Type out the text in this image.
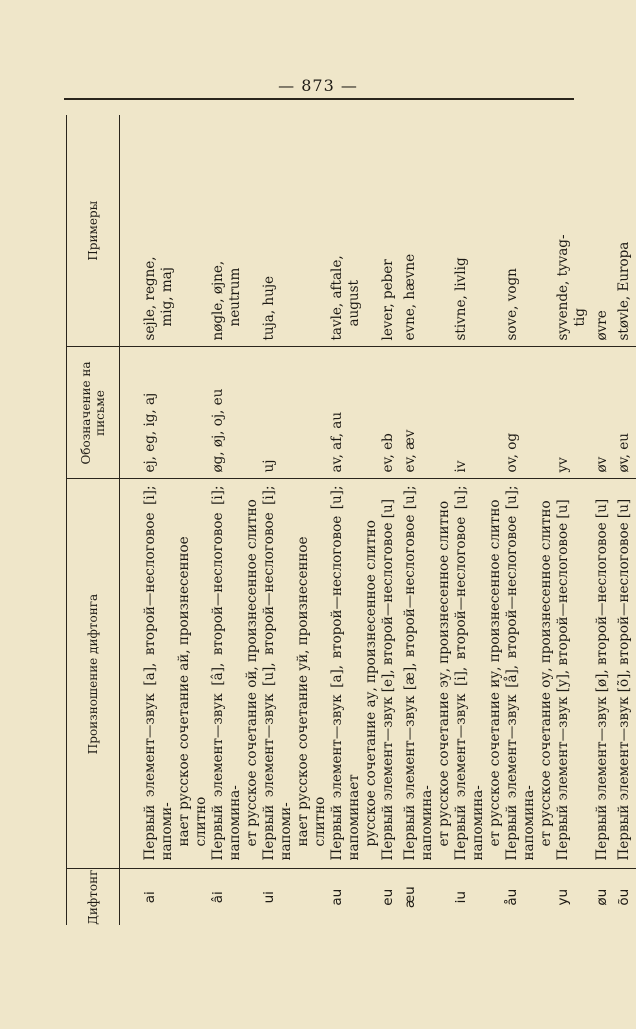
— 873 —
Дифтонг	Произношение дифтонга	Обозначение на письме	Примеры

ai	Первый элемент—звук [a], второй—неслоговое [i]; напоми- нает русское сочетание ай, произнесенное слитно	ej, eg, ig, aj	sejle, regne, mig, maj

âi	Первый элемент—звук [â], второй—неслоговое [i]; напомина- ет русское сочетание ой, произнесенное слитно	øg, øj, oj, eu	nøgle, øjne, neutrum

ui	Первый элемент—звук [u], второй—неслоговое [i]; напоми- нает русское сочетание уй, произнесенное слитно	uj	tuja, huje

au	Первый элемент—звук [a], второй—неслоговое [u]; напоминает русское сочетание ау, произнесенное слитно	av, af, au	tavle, aftale, august

eu	Первый элемент—звук [e], второй—неслоговое [u]	ev, eb	lever, peber

æu	Первый элемент—звук [æ], второй—неслоговое [u]; напомина- ет русское сочетание эу, произнесенное слитно	ev, æv	evne, hævne

iu	Первый элемент—звук [i], второй—неслоговое [u]; напомина- ет русское сочетание иу, произнесенное слитно	iv	stivne, livlig

åu	Первый элемент—звук [å], второй—неслоговое [u]; напомина- ет русское сочетание оу, произнесенное слитно	ov, og	sove, vogn

yu	Первый элемент—звук [y], второй—неслоговое [u]	yv	syvende, tyvag- tig

øu	Первый элемент—звук [ø], второй—неслоговое [u]	øv	øvre

õu	Первый элемент—звук [õ], второй—неслоговое [u]	øv, eu	støvle, Europa
